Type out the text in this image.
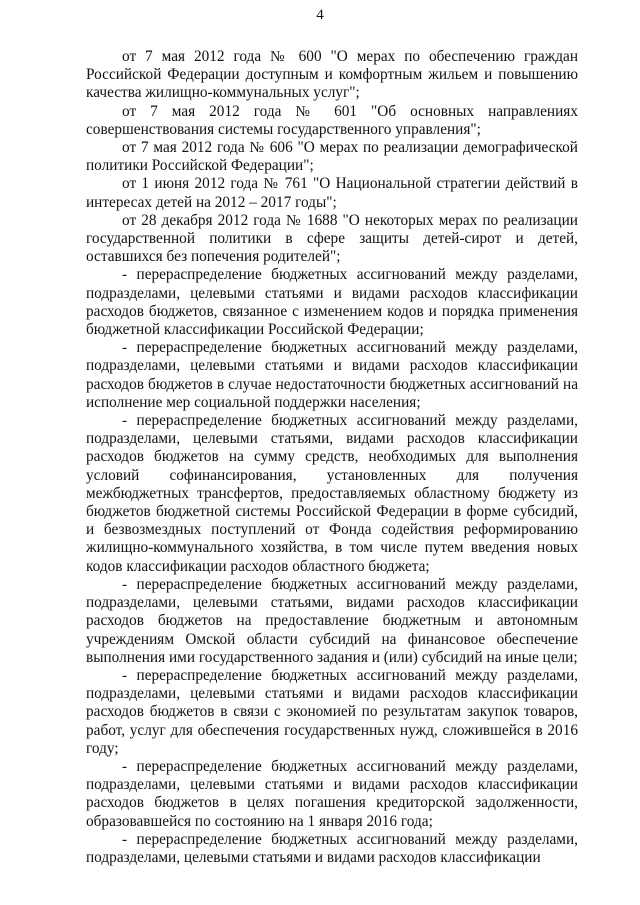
4

от 7 мая 2012 года № 600 "О мерах по обеспечению граждан Российской Федерации доступным и комфортным жильем и повышению качества жилищно-коммунальных услуг";

от 7 мая 2012 года № 601 "Об основных направлениях совершенствования системы государственного управления";

от 7 мая 2012 года № 606 "О мерах по реализации демографической политики Российской Федерации";

от 1 июня 2012 года № 761 "О Национальной стратегии действий в интересах детей на 2012 – 2017 годы";

от 28 декабря 2012 года № 1688 "О некоторых мерах по реализации государственной политики в сфере защиты детей-сирот и детей, оставшихся без попечения родителей";

- перераспределение бюджетных ассигнований между разделами, подразделами, целевыми статьями и видами расходов классификации расходов бюджетов, связанное с изменением кодов и порядка применения бюджетной классификации Российской Федерации;

- перераспределение бюджетных ассигнований между разделами, подразделами, целевыми статьями и видами расходов классификации расходов бюджетов в случае недостаточности бюджетных ассигнований на исполнение мер социальной поддержки населения;

- перераспределение бюджетных ассигнований между разделами, подразделами, целевыми статьями, видами расходов классификации расходов бюджетов на сумму средств, необходимых для выполнения условий софинансирования, установленных для получения межбюджетных трансфертов, предоставляемых областному бюджету из бюджетов бюджетной системы Российской Федерации в форме субсидий, и безвозмездных поступлений от Фонда содействия реформированию жилищно-коммунального хозяйства, в том числе путем введения новых кодов классификации расходов областного бюджета;

- перераспределение бюджетных ассигнований между разделами, подразделами, целевыми статьями, видами расходов классификации расходов бюджетов на предоставление бюджетным и автономным учреждениям Омской области субсидий на финансовое обеспечение выполнения ими государственного задания и (или) субсидий на иные цели;

- перераспределение бюджетных ассигнований между разделами, подразделами, целевыми статьями и видами расходов классификации расходов бюджетов в связи с экономией по результатам закупок товаров, работ, услуг для обеспечения государственных нужд, сложившейся в 2016 году;

- перераспределение бюджетных ассигнований между разделами, подразделами, целевыми статьями и видами расходов классификации расходов бюджетов в целях погашения кредиторской задолженности, образовавшейся по состоянию на 1 января 2016 года;

- перераспределение бюджетных ассигнований между разделами, подразделами, целевыми статьями и видами расходов классификации
